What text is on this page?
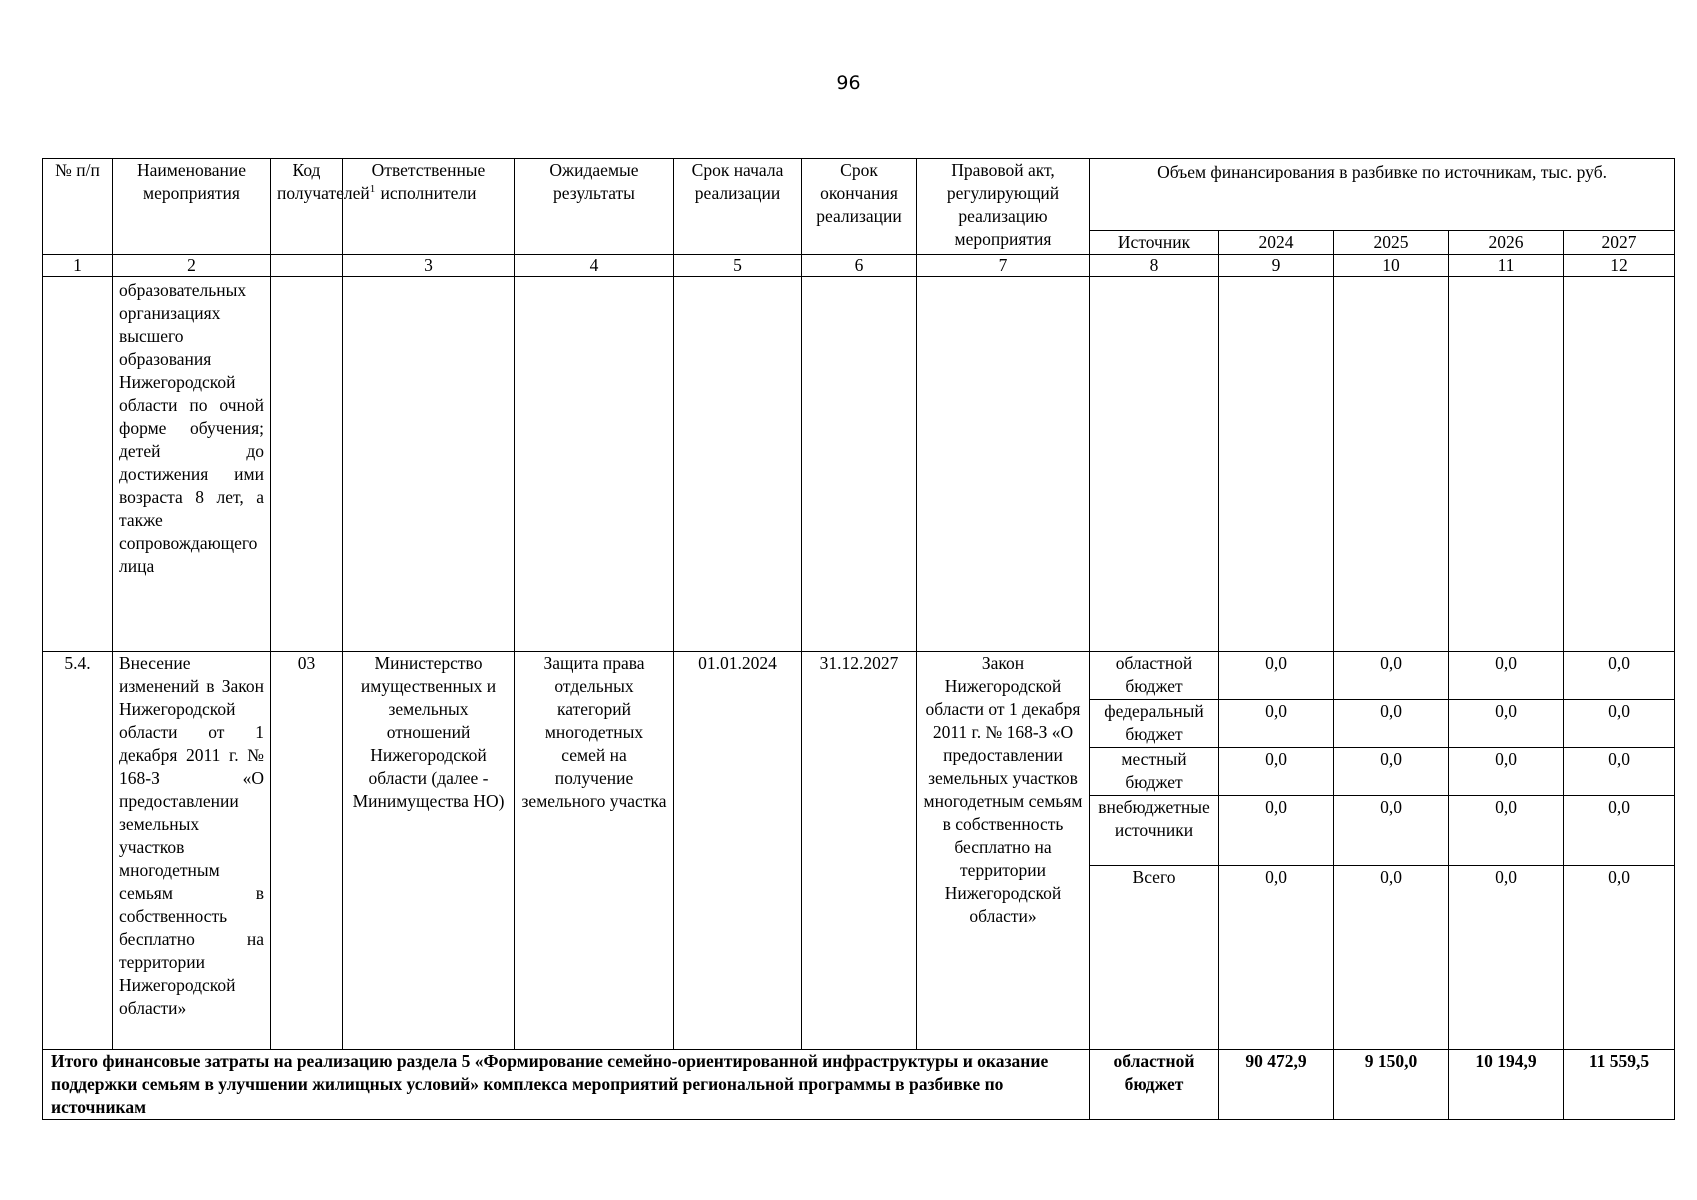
96
№ п/п	Наименование мероприятия	Код получателей$^1$	Ответственные исполнители	Ожидаемые результаты	Срок начала реализации	Срок окончания реализации	Правовой акт, регулирующий реализацию мероприятия	Объем финансирования в разбивке по источникам, тыс. руб.				
								Источник	2024	2025	2026	2027
1	2		3	4	5	6	7	8	9	10	11	12
	образовательных организациях высшего образования Нижегородской области по очной форме обучения; детей до достижения ими возраста 8 лет, а также сопровождающего лица											
5.4.	Внесение изменений в Закон Нижегородской области от 1 декабря 2011 г. № 168-З «О предоставлении земельных участков многодетным семьям в собственность бесплатно на территории Нижегородской области»	03	Министерство имущественных и земельных отношений Нижегородской области (далее - Минимущества НО)	Защита права отдельных категорий многодетных семей на получение земельного участка	01.01.2024	31.12.2027	Закон Нижегородской области от 1 декабря 2011 г. № 168-З «О предоставлении земельных участков многодетным семьям в собственность бесплатно на территории Нижегородской области»	областной бюджет	0,0	0,0	0,0	0,0
								федеральный бюджет	0,0	0,0	0,0	0,0
								местный бюджет	0,0	0,0	0,0	0,0
								внебюджетные источники	0,0	0,0	0,0	0,0
								Всего	0,0	0,0	0,0	0,0
Итого финансовые затраты на реализацию раздела 5 «Формирование семейно-ориентированной инфраструктуры и оказание поддержки семьям в улучшении жилищных условий» комплекса мероприятий региональной программы в разбивке по источникам								областной бюджет	90 472,9	9 150,0	10 194,9	11 559,5
